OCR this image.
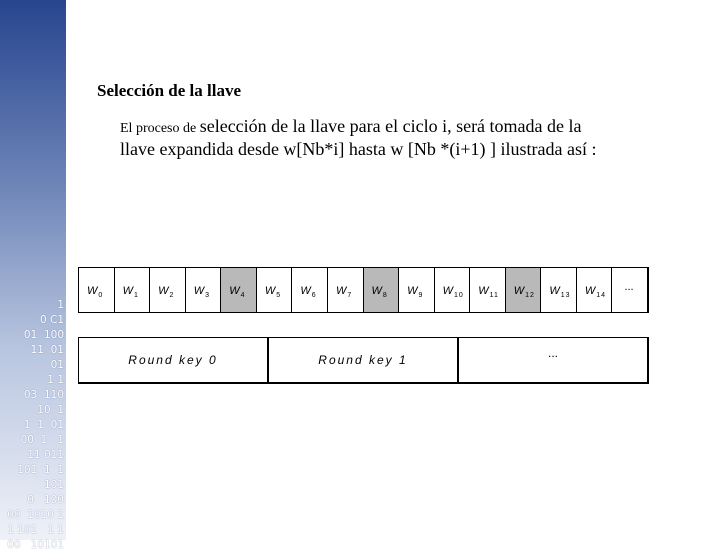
1
0 C1
01  100
11  01
01
1 1
03  110
10  1
1  1  01
00  1   1
11 011
101  1  1
101
0   100
00  1010 1
1 101   1 1
00   10101
Selección de la llave
El proceso de selección de la llave para el ciclo i, será tomada de la llave expandida desde w[Nb*i] hasta w [Nb *(i+1) ] ilustrada así :
$W_0$ $W_1$ $W_2$ $W_3$ $W_4$ $W_5$ $W_6$ $W_7$ $W_8$ $W_9$ $W_{10}$ $W_{11}$ $W_{12}$ $W_{13}$ $W_{14}$
...
Round key 0	Round key 1	...
